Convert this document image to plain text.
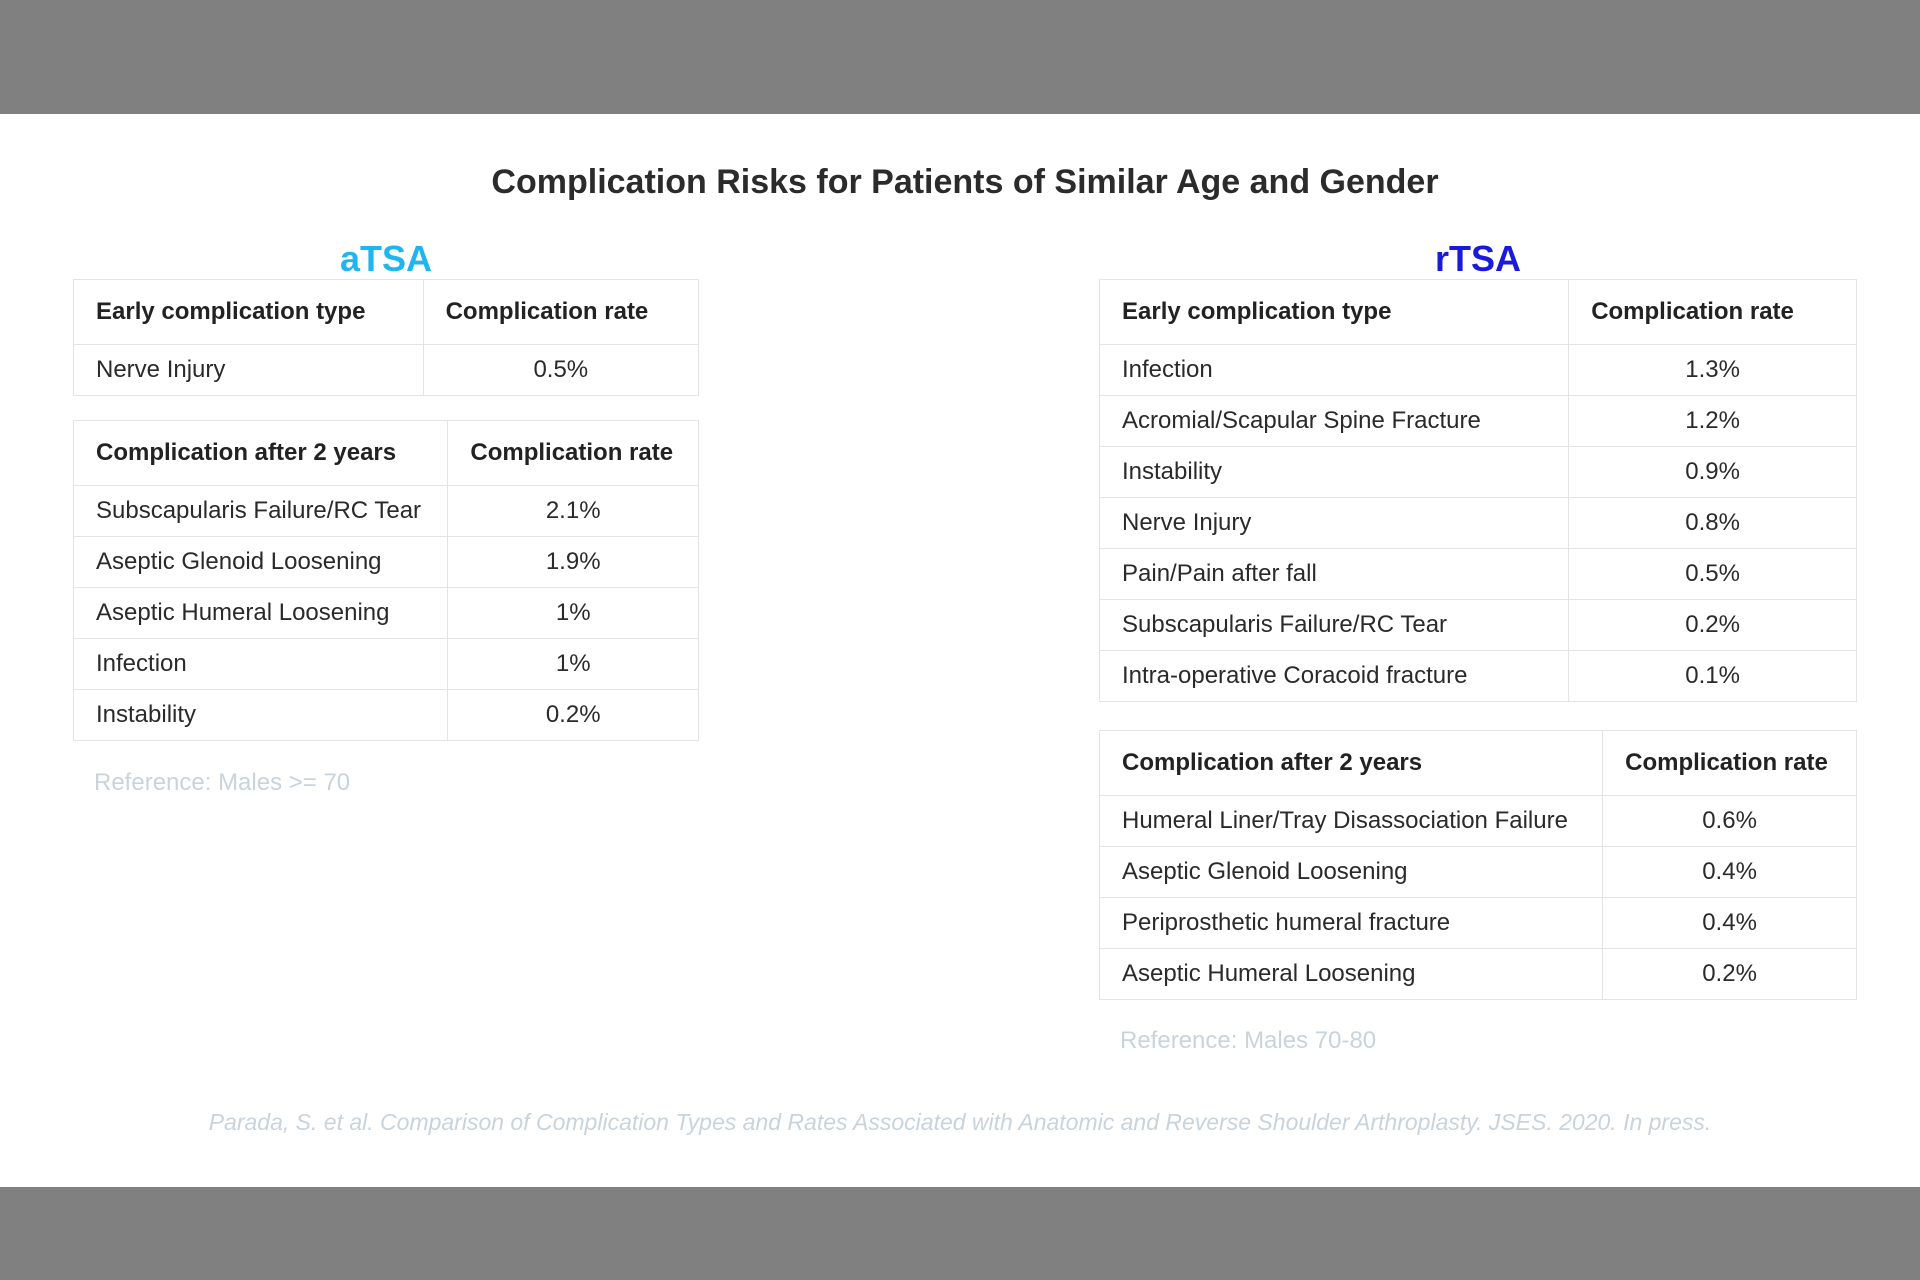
Complication Risks for Patients of Similar Age and Gender
aTSA	rTSA
Early complication type	Complication rate
Nerve Injury	0.5%
Complication after 2 years	Complication rate
Subscapularis Failure/RC Tear	2.1%
Aseptic Glenoid Loosening	1.9%
Aseptic Humeral Loosening	1%
Infection	1%
Instability	0.2%
Reference: Males >= 70
Early complication type	Complication rate
Infection	1.3%
Acromial/Scapular Spine Fracture	1.2%
Instability	0.9%
Nerve Injury	0.8%
Pain/Pain after fall	0.5%
Subscapularis Failure/RC Tear	0.2%
Intra-operative Coracoid fracture	0.1%
Complication after 2 years	Complication rate
Humeral Liner/Tray Disassociation Failure	0.6%
Aseptic Glenoid Loosening	0.4%
Periprosthetic humeral fracture	0.4%
Aseptic Humeral Loosening	0.2%
Reference: Males 70-80
Parada, S. et al. Comparison of Complication Types and Rates Associated with Anatomic and Reverse Shoulder Arthroplasty. JSES. 2020. In press.
